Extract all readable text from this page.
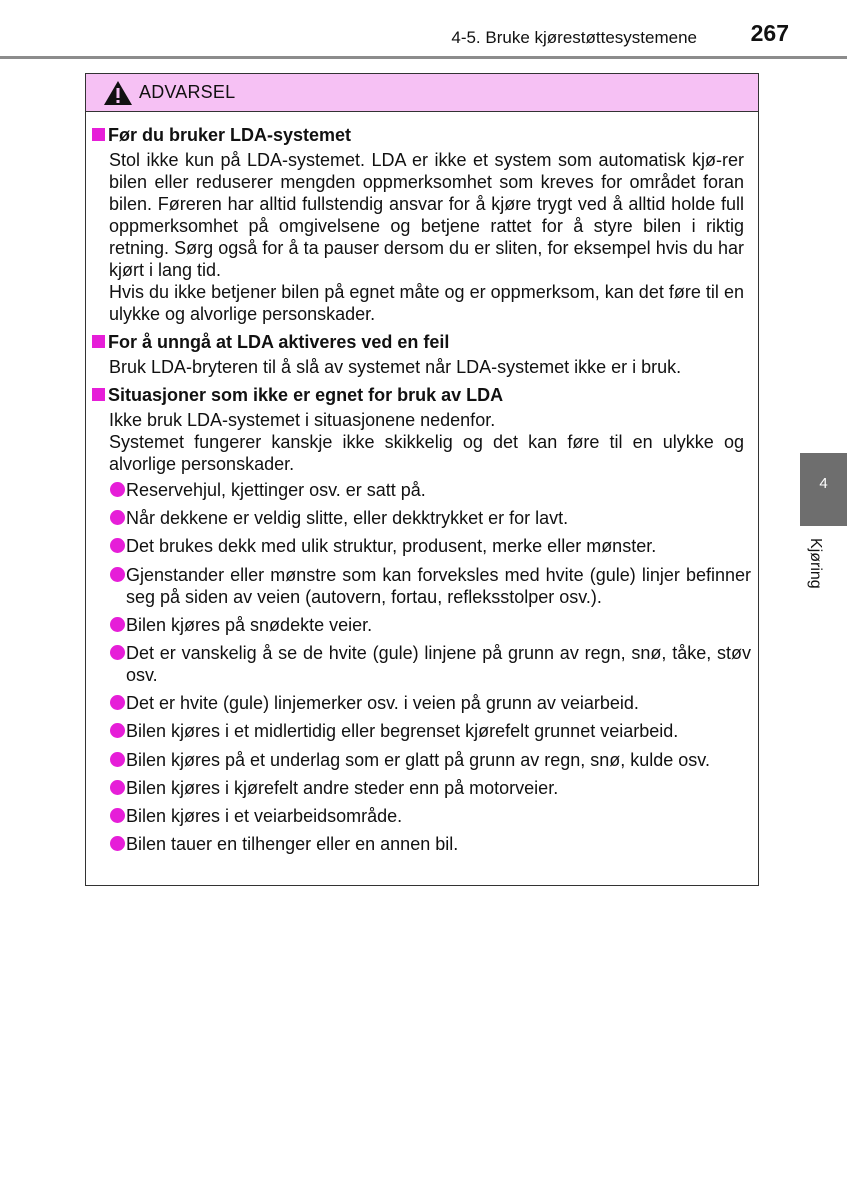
4-5. Bruke kjørestøttesystemene 267
ADVARSEL
Før du bruker LDA-systemet
Stol ikke kun på LDA-systemet. LDA er ikke et system som automatisk kjø-rer bilen eller reduserer mengden oppmerksomhet som kreves for området foran bilen. Føreren har alltid fullstendig ansvar for å kjøre trygt ved å alltid holde full oppmerksomhet på omgivelsene og betjene rattet for å styre bilen i riktig retning. Sørg også for å ta pauser dersom du er sliten, for eksempel hvis du har kjørt i lang tid.
Hvis du ikke betjener bilen på egnet måte og er oppmerksom, kan det føre til en ulykke og alvorlige personskader.
For å unngå at LDA aktiveres ved en feil
Bruk LDA-bryteren til å slå av systemet når LDA-systemet ikke er i bruk.
Situasjoner som ikke er egnet for bruk av LDA
Ikke bruk LDA-systemet i situasjonene nedenfor.
Systemet fungerer kanskje ikke skikkelig og det kan føre til en ulykke og alvorlige personskader.
Reservehjul, kjettinger osv. er satt på.
Når dekkene er veldig slitte, eller dekktrykket er for lavt.
Det brukes dekk med ulik struktur, produsent, merke eller mønster.
Gjenstander eller mønstre som kan forveksles med hvite (gule) linjer befinner seg på siden av veien (autovern, fortau, refleksstolper osv.).
Bilen kjøres på snødekte veier.
Det er vanskelig å se de hvite (gule) linjene på grunn av regn, snø, tåke, støv osv.
Det er hvite (gule) linjemerker osv. i veien på grunn av veiarbeid.
Bilen kjøres i et midlertidig eller begrenset kjørefelt grunnet veiarbeid.
Bilen kjøres på et underlag som er glatt på grunn av regn, snø, kulde osv.
Bilen kjøres i kjørefelt andre steder enn på motorveier.
Bilen kjøres i et veiarbeidsområde.
Bilen tauer en tilhenger eller en annen bil.
4
Kjøring
